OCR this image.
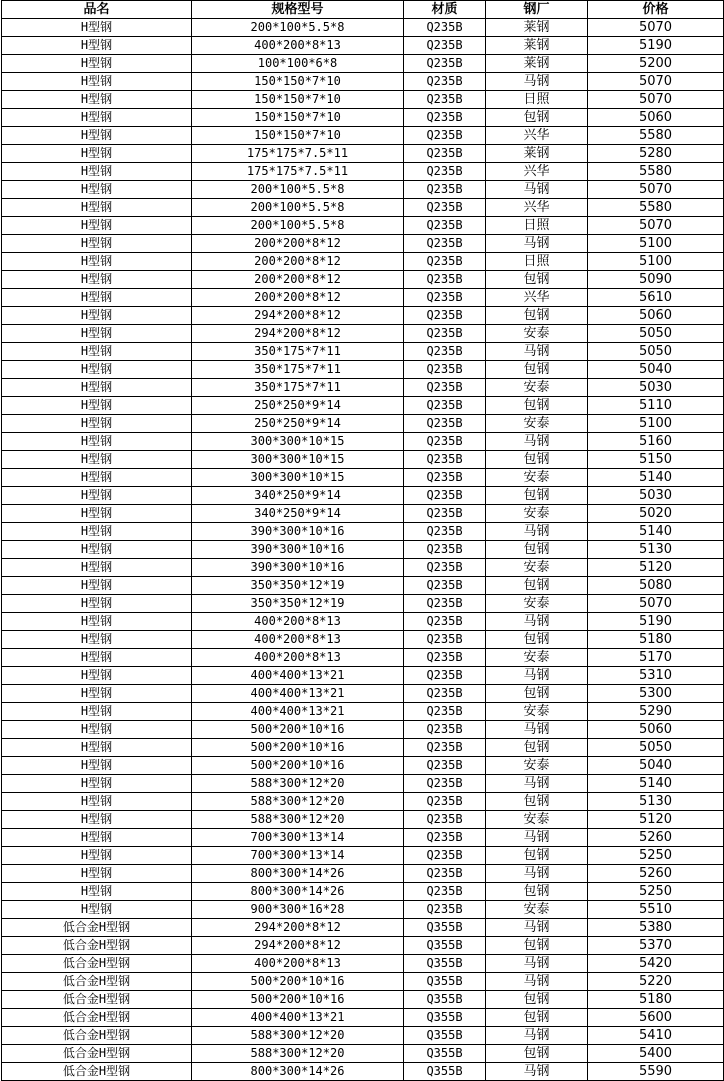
品名	规格型号	材质	钢厂	价格
H型钢	200*100*5.5*8	Q235B	莱钢	5070
H型钢	400*200*8*13	Q235B	莱钢	5190
H型钢	100*100*6*8	Q235B	莱钢	5200
H型钢	150*150*7*10	Q235B	马钢	5070
H型钢	150*150*7*10	Q235B	日照	5070
H型钢	150*150*7*10	Q235B	包钢	5060
H型钢	150*150*7*10	Q235B	兴华	5580
H型钢	175*175*7.5*11	Q235B	莱钢	5280
H型钢	175*175*7.5*11	Q235B	兴华	5580
H型钢	200*100*5.5*8	Q235B	马钢	5070
H型钢	200*100*5.5*8	Q235B	兴华	5580
H型钢	200*100*5.5*8	Q235B	日照	5070
H型钢	200*200*8*12	Q235B	马钢	5100
H型钢	200*200*8*12	Q235B	日照	5100
H型钢	200*200*8*12	Q235B	包钢	5090
H型钢	200*200*8*12	Q235B	兴华	5610
H型钢	294*200*8*12	Q235B	包钢	5060
H型钢	294*200*8*12	Q235B	安泰	5050
H型钢	350*175*7*11	Q235B	马钢	5050
H型钢	350*175*7*11	Q235B	包钢	5040
H型钢	350*175*7*11	Q235B	安泰	5030
H型钢	250*250*9*14	Q235B	包钢	5110
H型钢	250*250*9*14	Q235B	安泰	5100
H型钢	300*300*10*15	Q235B	马钢	5160
H型钢	300*300*10*15	Q235B	包钢	5150
H型钢	300*300*10*15	Q235B	安泰	5140
H型钢	340*250*9*14	Q235B	包钢	5030
H型钢	340*250*9*14	Q235B	安泰	5020
H型钢	390*300*10*16	Q235B	马钢	5140
H型钢	390*300*10*16	Q235B	包钢	5130
H型钢	390*300*10*16	Q235B	安泰	5120
H型钢	350*350*12*19	Q235B	包钢	5080
H型钢	350*350*12*19	Q235B	安泰	5070
H型钢	400*200*8*13	Q235B	马钢	5190
H型钢	400*200*8*13	Q235B	包钢	5180
H型钢	400*200*8*13	Q235B	安泰	5170
H型钢	400*400*13*21	Q235B	马钢	5310
H型钢	400*400*13*21	Q235B	包钢	5300
H型钢	400*400*13*21	Q235B	安泰	5290
H型钢	500*200*10*16	Q235B	马钢	5060
H型钢	500*200*10*16	Q235B	包钢	5050
H型钢	500*200*10*16	Q235B	安泰	5040
H型钢	588*300*12*20	Q235B	马钢	5140
H型钢	588*300*12*20	Q235B	包钢	5130
H型钢	588*300*12*20	Q235B	安泰	5120
H型钢	700*300*13*14	Q235B	马钢	5260
H型钢	700*300*13*14	Q235B	包钢	5250
H型钢	800*300*14*26	Q235B	马钢	5260
H型钢	800*300*14*26	Q235B	包钢	5250
H型钢	900*300*16*28	Q235B	安泰	5510
低合金H型钢	294*200*8*12	Q355B	马钢	5380
低合金H型钢	294*200*8*12	Q355B	包钢	5370
低合金H型钢	400*200*8*13	Q355B	马钢	5420
低合金H型钢	500*200*10*16	Q355B	马钢	5220
低合金H型钢	500*200*10*16	Q355B	包钢	5180
低合金H型钢	400*400*13*21	Q355B	包钢	5600
低合金H型钢	588*300*12*20	Q355B	马钢	5410
低合金H型钢	588*300*12*20	Q355B	包钢	5400
低合金H型钢	800*300*14*26	Q355B	马钢	5590
